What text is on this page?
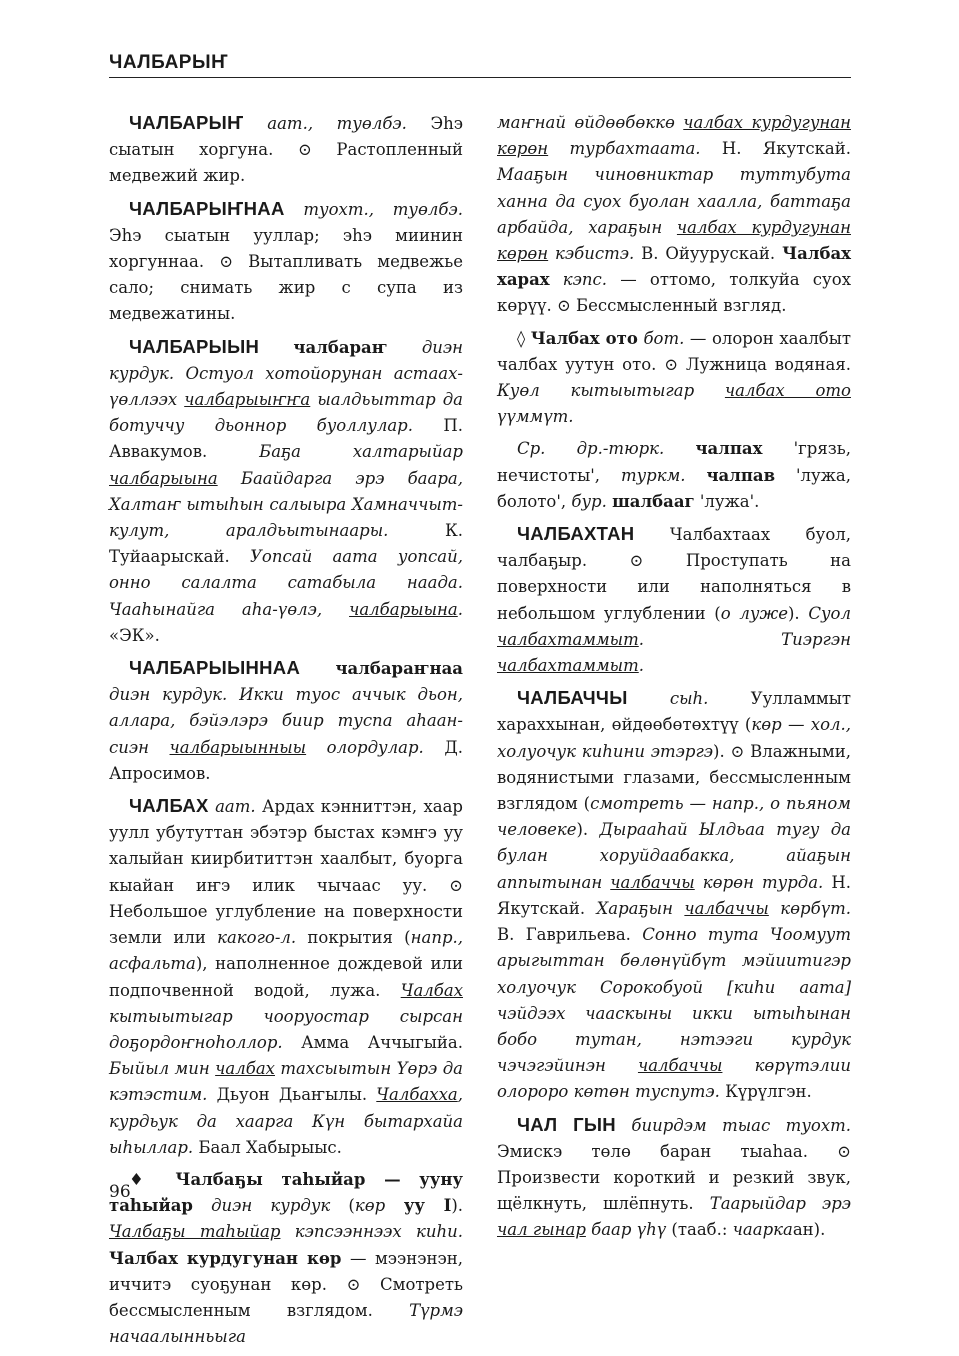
ЧАЛБАРЫҤ

ЧАЛБАРЫҤ аат., туөлбэ. Эһэ сыатын хоргуна. ⊙ Растопленный медвежий жир.

ЧАЛБАРЫҤНАА туохт., туөлбэ. Эһэ сыатын ууллар; эһэ миинин хоргуннаа. ⊙ Вытапливать медвежье сало; снимать жир с супа из медвежатины.

ЧАЛБАРЫЫН чалбараҥ диэн курдук. Остуол хотойорунан астаах-үөллээх чалбарыыҥҥа ыалдьыттар да ботуччу дьоннор буоллулар. П. Аввакумов. Баҕа халтарыйар чалбарыына Баайдарга эрэ баара, Халтаҥ ытыһын салыыра Хамначчыт-кулут, аралдьытынаары. К. Туйаарыскай. Уопсай аата уопсай, онно салалта сатабыла наада. Чааһынайга аһа-үөлэ, чалбарыына. «ЭК».

ЧАЛБАРЫЫННАА чалбараҥнаа диэн курдук. Икки туос аччык дьон, аллара, бэйэлэрэ биир туспа аһаан-сиэн чалбарыынныы олордулар. Д. Апросимов.

ЧАЛБАХ аат. Ардах кэнниттэн, хаар уулл убутуттан эбэтэр быстах кэмҥэ уу халыйан киирбититтэн хаалбыт, буорга кыайан иҥэ илик чычаас уу. ⊙ Небольшое углубление на поверхности земли или какого-л. покрытия (напр., асфальта), наполненное дождевой или подпочвенной водой, лужа. Чалбах кытыытыгар чооруостар сырсан доҕордоҥноһоллор. Амма Аччыгыйа. Быйыл мин чалбах тахсыытын Үөрэ да кэтэстим. Дьуон Дьаҥылы. Чалбахха, курдьук да хаарга Күн бытархайа ыһыллар. Баал Хабырыыс.

♦ Чалбаҕы таһыйар — ууну таһыйар диэн курдук (көр уу I). Чалбаҕы таһыйар кэпсээннээх киһи. Чалбах курдугунан көр — мээнэнэн, иччитэ суоҕунан көр. ⊙ Смотреть бессмысленным взглядом. Түрмэ начаалынньыга

маҥнай өйдөөбөккө чалбах курдугунан көрөн турбахтаата. Н. Якутскай. Мааҕын чиновниктар туттубута ханна да суох буолан хаалла, баттаҕа арбайда, хараҕын чалбах курдугунан көрөн кэбистэ. В. Ойуурускай. Чалбах харах кэпс. — оттомо, толкуйа суох көрүү. ⊙ Бессмысленный взгляд.

◊ Чалбах ото бот. — олорон хаалбыт чалбах уутун ото. ⊙ Лужница водяная. Куөл кытыытыгар чалбах ото үүммүт.

Ср. др.-тюрк. чалпах 'грязь, нечистоты', туркм. чалпав 'лужа, болото', бур. шалбааг 'лужа'.

ЧАЛБАХТАН Чалбахтаах буол, чалбаҕыр. ⊙ Проступать на поверхности или наполняться в небольшом углублении (о луже). Суол чалбахтаммыт. Тиэргэн чалбахтаммыт.

ЧАЛБАЧЧЫ	сыһ. Уулламмыт хараххынан, өйдөөбөтөхтүү (көр — хол., холуочук киһини этэргэ). ⊙ Влажными, водянистыми глазами, бессмысленным взглядом (смотреть — напр., о пьяном человеке). Дырааһай Ылдьаа тугу да булан хоруйдаабакка, айаҕын аппытынан чалбаччы көрөн турда. Н. Якутскай. Хараҕын чалбаччы көрбүт. В. Гаврильева. Сонно тута Чоомуут арыгыттан бөлөнүйбүт мэйиитигэр холуочук Сорокобуой [киһи аата] чэйдээх чааскыны икки ытыһынан бобо тутан, нэтээги курдук чэчэгэйинэн чалбаччы көрүтэлии олороро көтөн туспутэ. Күрүлгэн.

ЧАЛ ГЫН биирдэм тыас туохт. Эмискэ төлө баран тыаһаа. ⊙ Произвести короткий и резкий звук, щёлкнуть, шлёпнуть. Таарыйдар эрэ чал гынар баар үһү (тааб.: чааркаан).

96
